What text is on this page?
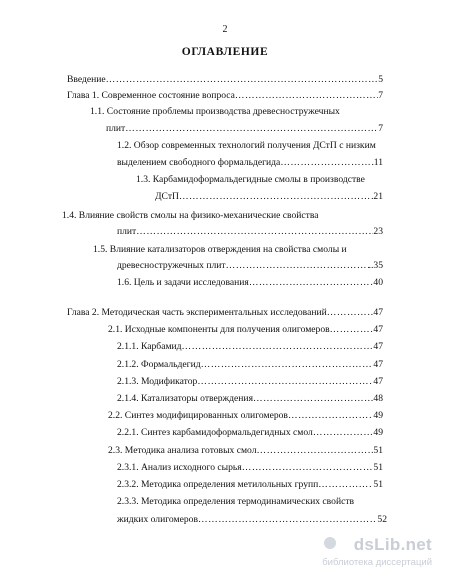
2
ОГЛАВЛЕНИЕ
Введение ………………………………………………………………………………………………………………………………………………………………………………	5
Глава 1. Современное состояние вопроса ………………………………………………………………………………………………………………………………………………………………………………	7
1.1. Состояние проблемы производства древесностружечных
плит ………………………………………………………………………………………………………………………………………………………………………………	7
1.2. Обзор современных технологий получения ДСтП с низким
выделением свободного формальдегида ………………………………………………………………………………………………………………………………………………………………………………	11
1.3. Карбамидоформальдегидные смолы в производстве
ДСтП ………………………………………………………………………………………………………………………………………………………………………………	21
1.4. Влияние свойств смолы на физико-механические свойства
плит ………………………………………………………………………………………………………………………………………………………………………………	23
1.5. Влияние катализаторов отверждения на свойства смолы и
древесностружечных плит ………………………………………………………………………………………………………………………………………………………………………………	..35
1.6. Цель и задачи исследования ………………………………………………………………………………………………………………………………………………………………………………	40
Глава 2. Методическая часть экспериментальных исследований ………………………………………………………………………………………………………………………………………………………………………………	47
2.1. Исходные компоненты для получения олигомеров ………………………………………………………………………………………………………………………………………………………………………………	47
2.1.1. Карбамид ………………………………………………………………………………………………………………………………………………………………………………	47
2.1.2. Формальдегид ………………………………………………………………………………………………………………………………………………………………………………	47
2.1.3. Модификатор ………………………………………………………………………………………………………………………………………………………………………………	47
2.1.4. Катализаторы отверждения ………………………………………………………………………………………………………………………………………………………………………………	48
2.2. Синтез модифицированных олигомеров ………………………………………………………………………………………………………………………………………………………………………………	49
2.2.1. Синтез карбамидоформальдегидных смол ………………………………………………………………………………………………………………………………………………………………………………	49
2.3. Методика анализа готовых смол ………………………………………………………………………………………………………………………………………………………………………………	51
2.3.1. Анализ исходного сырья ………………………………………………………………………………………………………………………………………………………………………………	51
2.3.2. Методика определения метилольных групп ………………………………………………………………………………………………………………………………………………………………………………	51
2.3.3. Методика определения термодинамических свойств
жидких олигомеров ………………………………………………………………………………………………………………………………………………………………………………	52
dsLib.net
библиотека диссертаций
